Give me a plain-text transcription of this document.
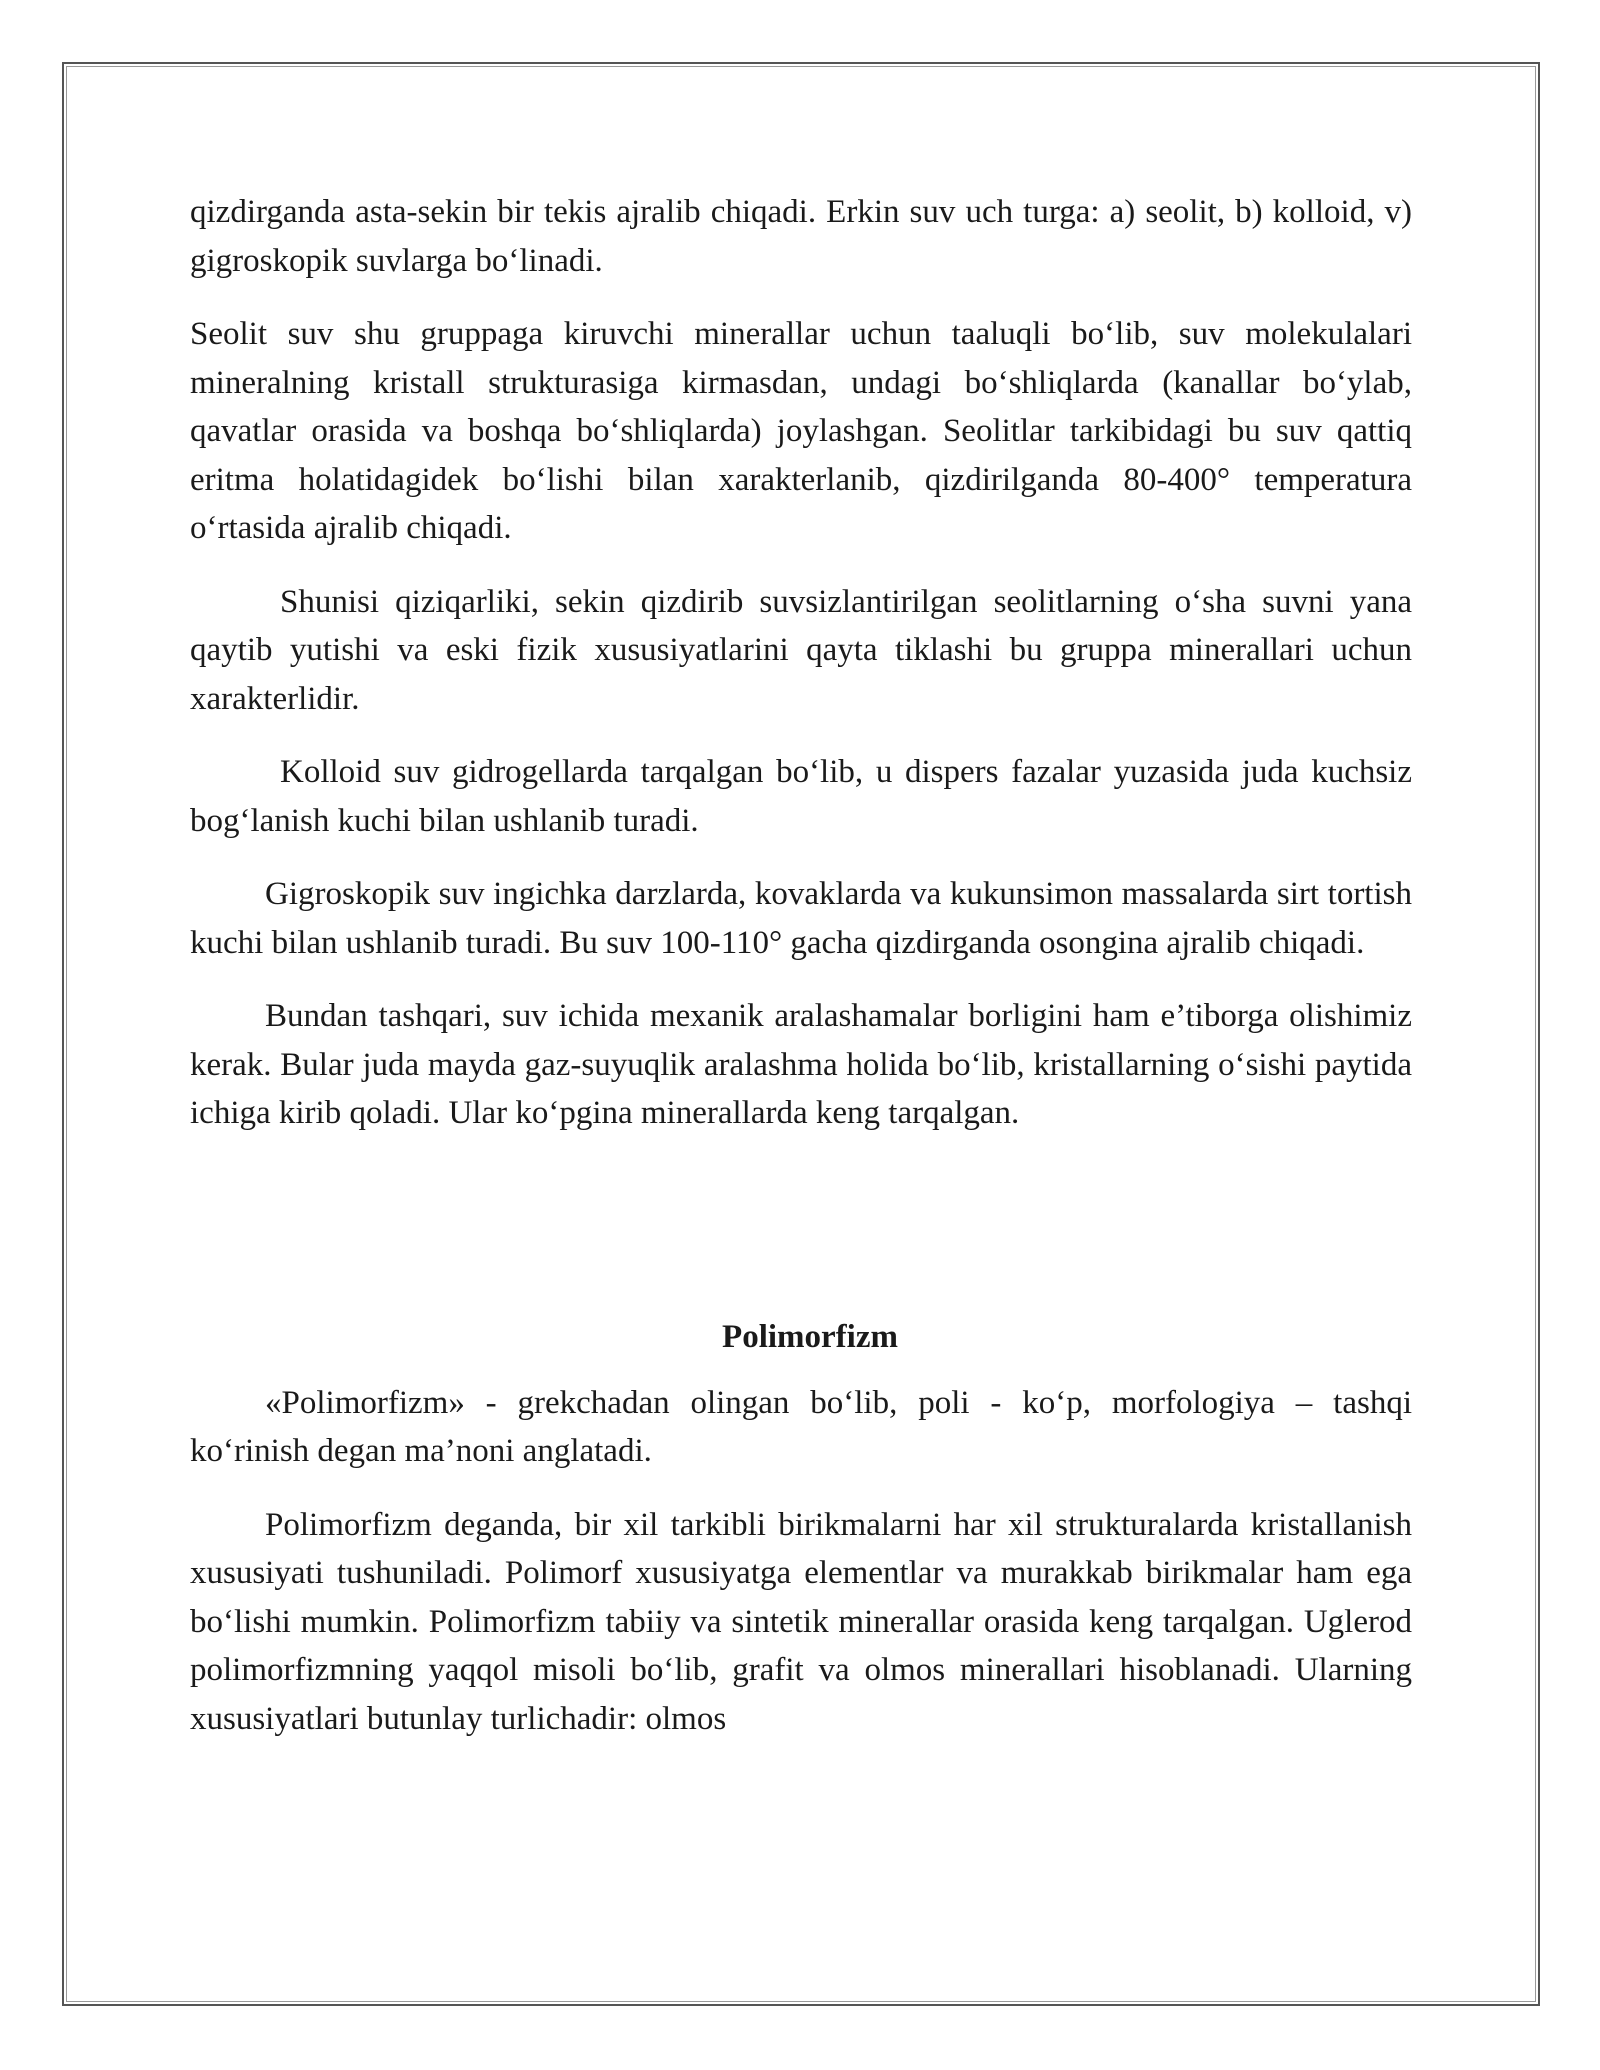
qizdirganda asta-sekin bir tekis ajralib chiqadi. Erkin suv uch turga: a) seolit, b) kolloid, v) gigroskopik suvlarga bo‘linadi.

Seolit suv shu gruppaga kiruvchi minerallar uchun taaluqli bo‘lib, suv molekulalari mineralning kristall strukturasiga kirmasdan, undagi bo‘shliqlarda (kanallar bo‘ylab, qavatlar orasida va boshqa bo‘shliqlarda) joylashgan. Seolitlar tarkibidagi bu suv qattiq eritma holatidagidek bo‘lishi bilan xarakterlanib, qizdirilganda 80-400° temperatura o‘rtasida ajralib chiqadi.

Shunisi qiziqarliki, sekin qizdirib suvsizlantirilgan seolitlarning o‘sha suvni yana qaytib yutishi va eski fizik xususiyatlarini qayta tiklashi bu gruppa minerallari uchun xarakterlidir.

Kolloid suv gidrogellarda tarqalgan bo‘lib, u dispers fazalar yuzasida juda kuchsiz bog‘lanish kuchi bilan ushlanib turadi.

Gigroskopik suv ingichka darzlarda, kovaklarda va kukunsimon massalarda sirt tortish kuchi bilan ushlanib turadi. Bu suv 100-110° gacha qizdirganda osongina ajralib chiqadi.

Bundan tashqari, suv ichida mexanik aralashamalar borligini ham e’tiborga olishimiz kerak. Bular juda mayda gaz-suyuqlik aralashma holida bo‘lib, kristallarning o‘sishi paytida ichiga kirib qoladi. Ular ko‘pgina minerallarda keng tarqalgan.

Polimorfizm

«Polimorfizm» - grekchadan olingan bo‘lib, poli - ko‘p, morfologiya – tashqi ko‘rinish degan ma’noni anglatadi.

Polimorfizm deganda, bir xil tarkibli birikmalarni har xil strukturalarda kristallanish xususiyati tushuniladi. Polimorf xususiyatga elementlar va murakkab birikmalar ham ega bo‘lishi mumkin. Polimorfizm tabiiy va sintetik minerallar orasida keng tarqalgan. Uglerod polimorfizmning yaqqol misoli bo‘lib, grafit va olmos minerallari hisoblanadi. Ularning xususiyatlari butunlay turlichadir: olmos
